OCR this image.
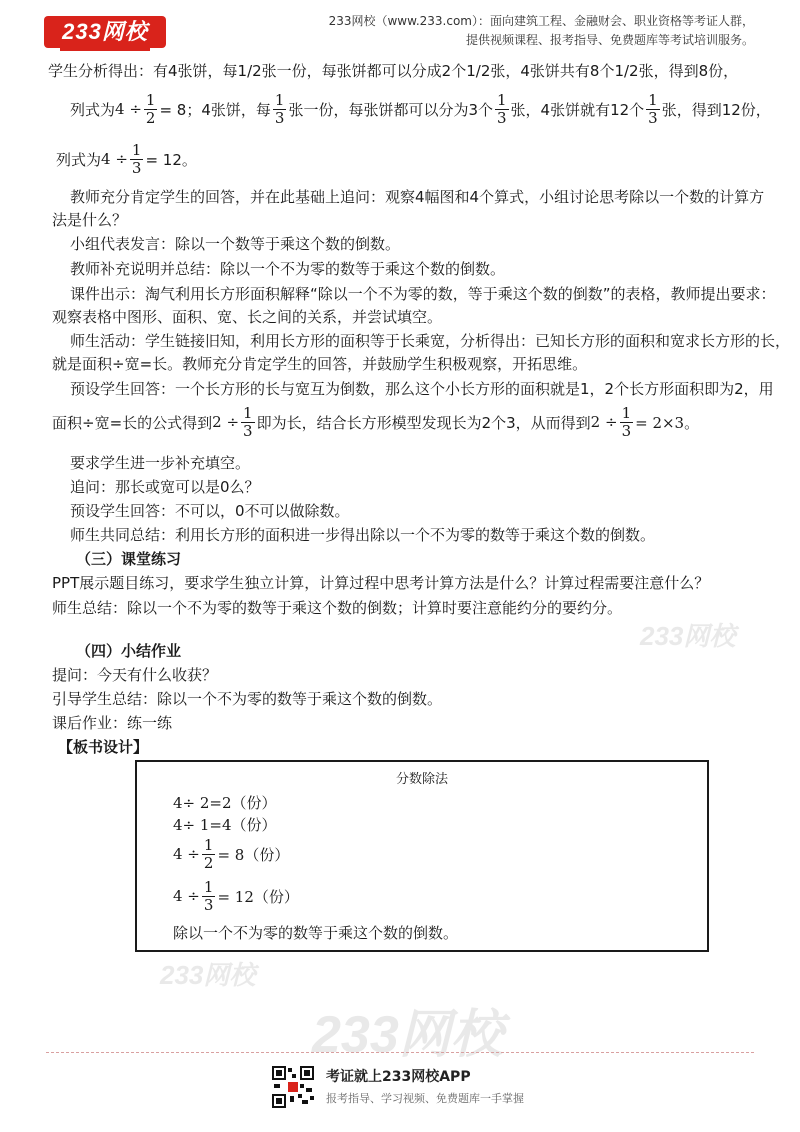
233网校	233网校（www.233.com）：面向建筑工程、金融财会、职业资格等考证人群，
提供视频课程、报考指导、免费题库等考试培训服务。
233网校
233网校
233网校
学生分析得出：有4张饼，每1/2张一份，每张饼都可以分成2个1/2张，4张饼共有8个1/2张，得到8份，
列式为 $4 \div \frac{1}{2} = 8$；4张饼，每 $\frac{1}{3}$ 张一份，每张饼都可以分为3个 $\frac{1}{3}$ 张，4张饼就有12个 $\frac{1}{3}$ 张，得到12份，
列式为 $4 \div \frac{1}{3} = 12$。
教师充分肯定学生的回答，并在此基础上追问：观察4幅图和4个算式，小组讨论思考除以一个数的计算方
法是什么？
小组代表发言：除以一个数等于乘这个数的倒数。
教师补充说明并总结：除以一个不为零的数等于乘这个数的倒数。
课件出示：淘气利用长方形面积解释“除以一个不为零的数，等于乘这个数的倒数”的表格，教师提出要求：
观察表格中图形、面积、宽、长之间的关系，并尝试填空。
师生活动：学生链接旧知，利用长方形的面积等于长乘宽，分析得出：已知长方形的面积和宽求长方形的长，
就是面积÷宽=长。教师充分肯定学生的回答，并鼓励学生积极观察，开拓思维。
预设学生回答：一个长方形的长与宽互为倒数，那么这个小长方形的面积就是1，2个长方形面积即为2，用
面积÷宽=长的公式得到 $2 \div \frac{1}{3}$ 即为长，结合长方形模型发现长为2个3，从而得到 $2 \div \frac{1}{3} = 2\times 3$。
要求学生进一步补充填空。
追问：那长或宽可以是0么？
预设学生回答：不可以，0不可以做除数。
师生共同总结：利用长方形的面积进一步得出除以一个不为零的数等于乘这个数的倒数。
（三）课堂练习
PPT展示题目练习，要求学生独立计算，计算过程中思考计算方法是什么？计算过程需要注意什么？
师生总结：除以一个不为零的数等于乘这个数的倒数；计算时要注意能约分的要约分。
（四）小结作业
提问：今天有什么收获？
引导学生总结：除以一个不为零的数等于乘这个数的倒数。
课后作业：练一练
【板书设计】
分数除法
4÷ 2=2（份）
4÷ 1=4（份）
$4 \div \frac{1}{2} = 8$（份）
$4 \div \frac{1}{3} = 12$（份）
除以一个不为零的数等于乘这个数的倒数。
考证就上233网校APP
报考指导、学习视频、免费题库一手掌握
